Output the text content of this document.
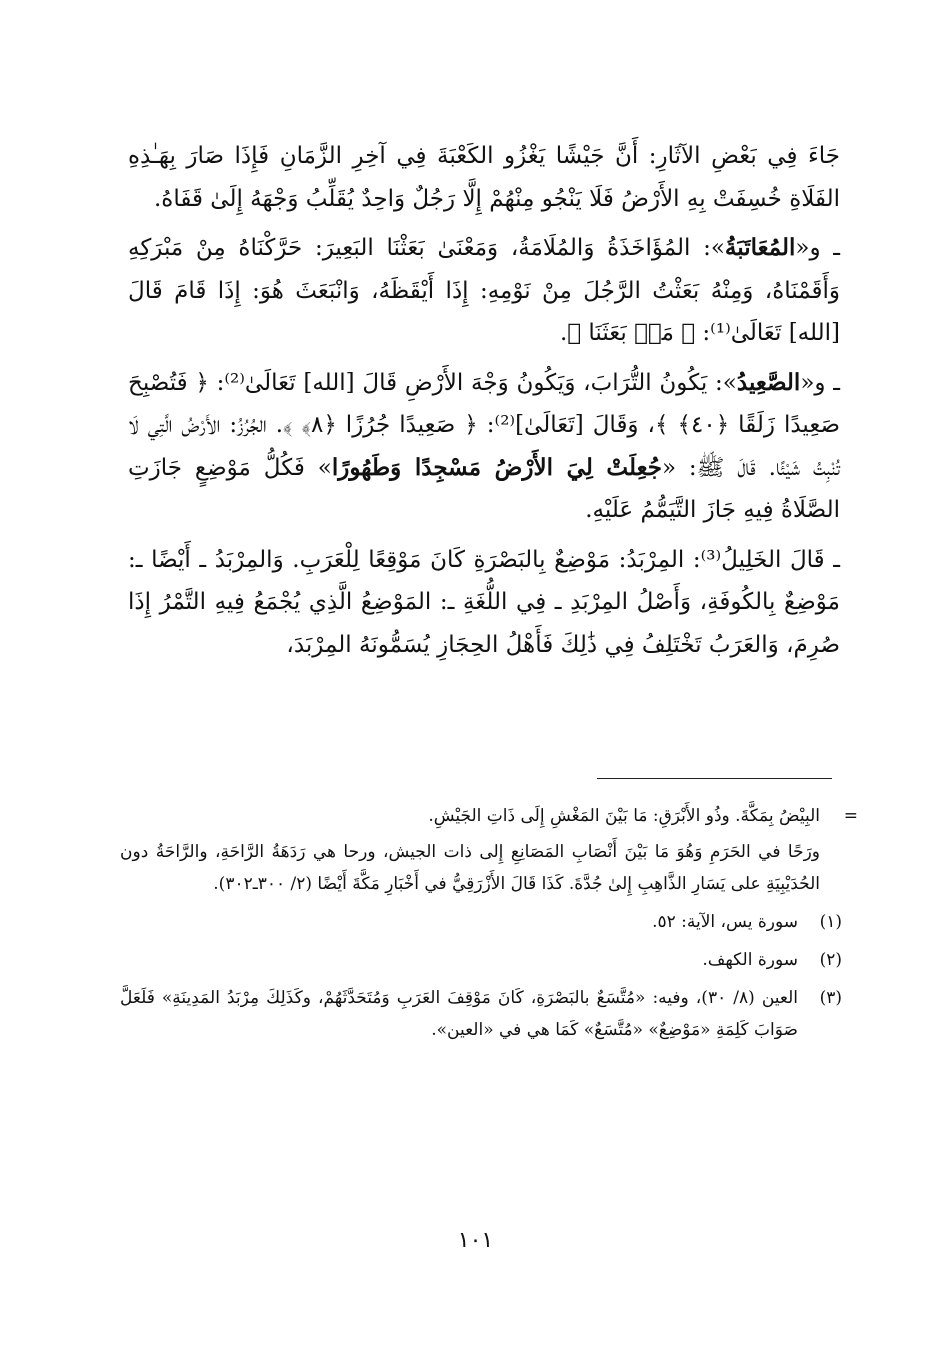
جَاءَ فِي بَعْضِ الآثَارِ: أَنَّ جَيْشًا يَغْزُو الكَعْبَةَ فِي آخِرِ الزَّمَانِ فَإِذَا صَارَ بِهَـٰذِهِ الفَلَاةِ خُسِفَتْ بِهِ الأَرْضُ فَلَا يَنْجُو مِنْهُمْ إِلَّا رَجُلٌ وَاحِدٌ يُقَلِّبُ وَجْهَهُ إِلَىٰ قَفَاهُ.

ـ و«المُعَاتَبَةُ»: المُؤَاخَذَةُ وَالمُلَامَةُ، وَمَعْنَىٰ بَعَثْنَا البَعِيرَ: حَرَّكْنَاهُ مِنْ مَبْرَكِهِ وَأَقَمْنَاهُ، وَمِنْهُ بَعَثْتُ الرَّجُلَ مِنْ نَوْمِهِ: إِذَا أَيْقَظَهُ، وَانْبَعَثَ هُوَ: إِذَا قَامَ قَالَ [الله] تَعَالَىٰ⁽¹⁾: ﴿ مَنۢ بَعَثَنَا ﴾.

ـ و«الصَّعِيدُ»: يَكُونُ التُّرَابَ، وَيَكُونُ وَجْهَ الأَرْضِ قَالَ [الله] تَعَالَىٰ⁽²⁾: ﴿ فَتُصْبِحَ صَعِيدًا زَلَقًا ﴿٤٠﴾ ﴾، وَقَالَ [تَعَالَىٰ]⁽²⁾: ﴿ صَعِيدًا جُرُزًا ﴿٨﴾ ﴾. الجُرُزُ: الأَرْضُ الَّتِي لَا تُنْبِتُ شَيْئًا. قَالَ ﷺ: «جُعِلَتْ لِيَ الأَرْضُ مَسْجِدًا وَطَهُورًا» فَكُلُّ مَوْضِعٍ جَازَتِ الصَّلَاةُ فِيهِ جَازَ التَّيَمُّمُ عَلَيْهِ.

ـ قَالَ الخَلِيلُ⁽³⁾: المِرْبَدُ: مَوْضِعٌ بِالبَصْرَةِ كَانَ مَوْقِعًا لِلْعَرَبِ. وَالمِرْبَدُ ـ أَيْضًا ـ: مَوْضِعٌ بِالكُوفَةِ، وَأَصْلُ المِرْبَدِ ـ فِي اللُّغَةِ ـ: المَوْضِعُ الَّذِي يُجْمَعُ فِيهِ التَّمْرُ إِذَا صُرِمَ، وَالعَرَبُ تَخْتَلِفُ فِي ذَٰلِكَ فَأَهْلُ الحِجَازِ يُسَمُّونَهُ المِرْبَدَ،

=

البِيْضُ بِمَكَّةَ. وذُو الأَبْرَقِ: مَا بَيْنَ المَغْشِ إِلَى ذَاتِ الجَيْشِ.

ورَحًا في الحَرَمِ وَهُوَ مَا بَيْنَ أَنْصَابِ المَصَانِعِ إِلى ذات الجيش، ورحا هي رَدَهَةُ الرَّاحَةِ، والرَّاحَةُ دون الحُدَيْبِيَةِ على يَسَارِ الذَّاهِبِ إِلىٰ جُدَّةَ. كَذَا قَالَ الأَزْرَقِيُّ في أَخْبَارِ مَكَّةَ أَيْضًا (٢/ ٣٠٠ـ٣٠٢).

(١)
سورة يس، الآية: ٥٢.
(٢)
سورة الكهف.
(٣)
العين (٨/ ٣٠)، وفيه: «مُتَّسَعٌ بالبَصْرَةِ، كَانَ مَوْقِفَ العَرَبِ وَمُتَحَدَّثَهُمْ، وكَذَلِكَ مِرْبَدُ المَدِينَةِ» فَلَعَلَّ صَوَابَ كَلِمَةِ «مَوْضِعٌ» «مُتَّسَعٌ» كَمَا هي في «العين».
١٠١
